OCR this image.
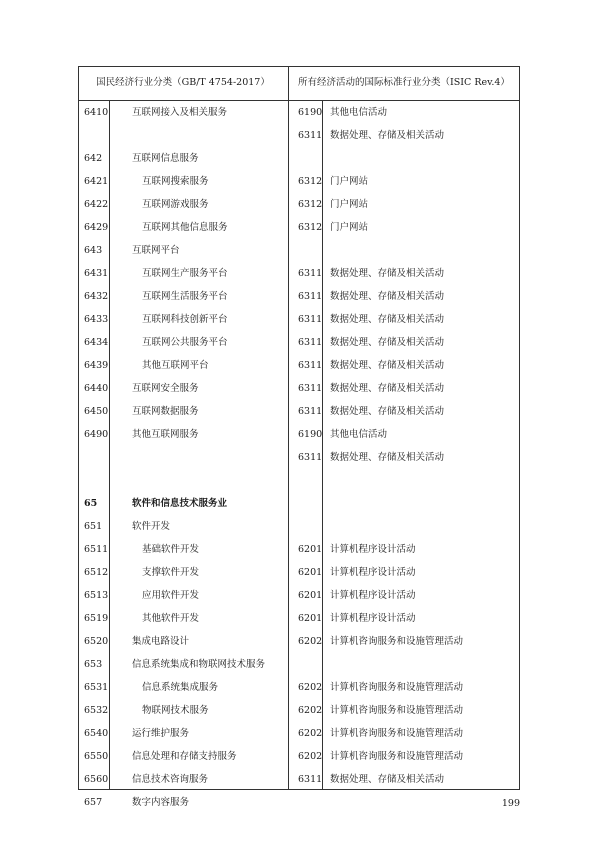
国民经济行业分类（GB/T 4754-2017）	所有经济活动的国际标准行业分类（ISIC Rev.4）
6410	互联网接入及相关服务	6190 其他电信活动
6311 数据处理、存储及相关活动
642	互联网信息服务
6421	互联网搜索服务	6312 门户网站
6422	互联网游戏服务	6312 门户网站
6429	互联网其他信息服务	6312 门户网站
643	互联网平台
6431	互联网生产服务平台	6311 数据处理、存储及相关活动
6432	互联网生活服务平台	6311 数据处理、存储及相关活动
6433	互联网科技创新平台	6311 数据处理、存储及相关活动
6434	互联网公共服务平台	6311 数据处理、存储及相关活动
6439	其他互联网平台	6311 数据处理、存储及相关活动
6440	互联网安全服务	6311 数据处理、存储及相关活动
6450	互联网数据服务	6311 数据处理、存储及相关活动
6490	其他互联网服务	6190 其他电信活动
6311 数据处理、存储及相关活动
65	软件和信息技术服务业
651	软件开发
6511	基础软件开发	6201 计算机程序设计活动
6512	支撑软件开发	6201 计算机程序设计活动
6513	应用软件开发	6201 计算机程序设计活动
6519	其他软件开发	6201 计算机程序设计活动
6520	集成电路设计	6202 计算机咨询服务和设施管理活动
653	信息系统集成和物联网技术服务
6531	信息系统集成服务	6202 计算机咨询服务和设施管理活动
6532	物联网技术服务	6202 计算机咨询服务和设施管理活动
6540	运行维护服务	6202 计算机咨询服务和设施管理活动
6550	信息处理和存储支持服务	6202 计算机咨询服务和设施管理活动
6560	信息技术咨询服务	6311 数据处理、存储及相关活动
657	数字内容服务	199
